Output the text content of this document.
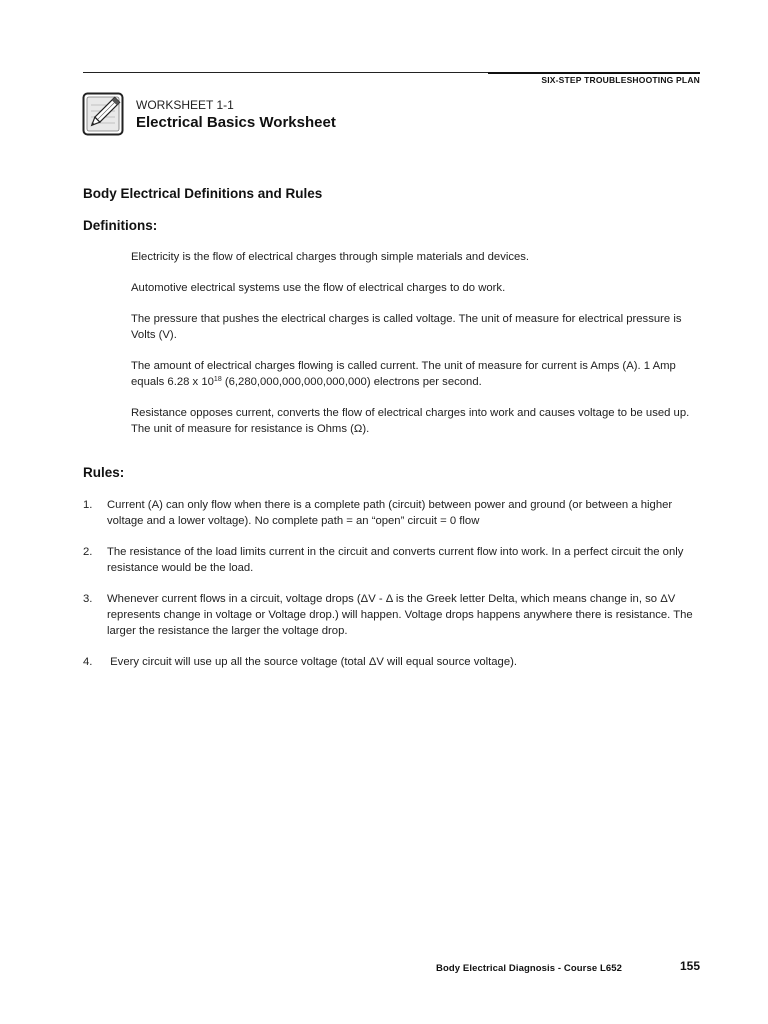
SIX-STEP TROUBLESHOOTING PLAN
WORKSHEET 1-1
Electrical Basics Worksheet
Body Electrical Definitions and Rules
Definitions:

Electricity is the flow of electrical charges through simple materials and devices.

Automotive electrical systems use the flow of electrical charges to do work.

The pressure that pushes the electrical charges is called voltage. The unit of measure for electrical pressure is Volts (V).

The amount of electrical charges flowing is called current. The unit of measure for current is Amps (A). 1 Amp equals 6.28 x $10^{18}$ (6,280,000,000,000,000,000) electrons per second.

Resistance opposes current, converts the flow of electrical charges into work and causes voltage to be used up. The unit of measure for resistance is Ohms (Ω).

Rules:
1.	Current (A) can only flow when there is a complete path (circuit) between power and ground (or between a higher voltage and a lower voltage). No complete path = an “open” circuit = 0 flow
2.	The resistance of the load limits current in the circuit and converts current flow into work. In a perfect circuit the only resistance would be the load.
3.	Whenever current flows in a circuit, voltage drops (ΔV - Δ is the Greek letter Delta, which means change in, so ΔV represents change in voltage or Voltage drop.) will happen. Voltage drops happens anywhere there is resistance. The larger the resistance the larger the voltage drop.
4.	Every circuit will use up all the source voltage (total ΔV will equal source voltage).
Body Electrical Diagnosis - Course L652	155
